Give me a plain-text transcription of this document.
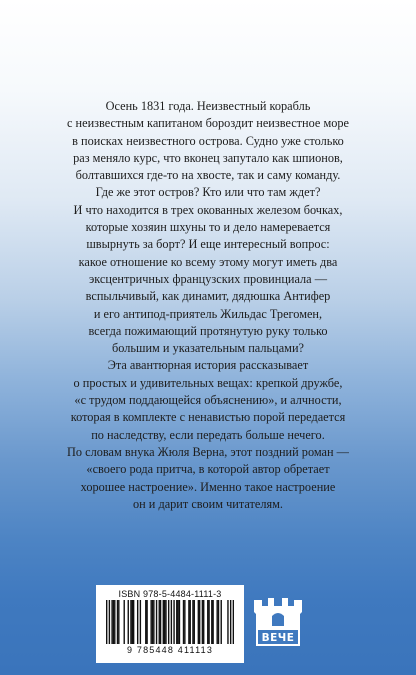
Осень 1831 года. Неизвестный корабль
с неизвестным капитаном бороздит неизвестное море
в поисках неизвестного острова. Судно уже столько
раз меняло курс, что вконец запутало как шпионов,
болтавшихся где-то на хвосте, так и саму команду.
Где же этот остров? Кто или что там ждет?
И что находится в трех окованных железом бочках,
которые хозяин шхуны то и дело намеревается
швырнуть за борт? И еще интересный вопрос:
какое отношение ко всему этому могут иметь два
эксцентричных французских провинциала —
вспыльчивый, как динамит, дядюшка Антифер
и его антипод-приятель Жильдас Трегомен,
всегда пожимающий протянутую руку только
большим и указательным пальцами?

Эта авантюрная история рассказывает
о простых и удивительных вещах: крепкой дружбе,
«с трудом поддающейся объяснению», и алчности,
которая в комплекте с ненавистью порой передается
по наследству, если передать больше нечего.

По словам внука Жюля Верна, этот поздний роман —
«своего рода притча, в которой автор обретает
хорошее настроение». Именно такое настроение
он и дарит своим читателям.

ISBN 978-5-4484-1111-3
9 785448 411113
ВЕЧЕ
